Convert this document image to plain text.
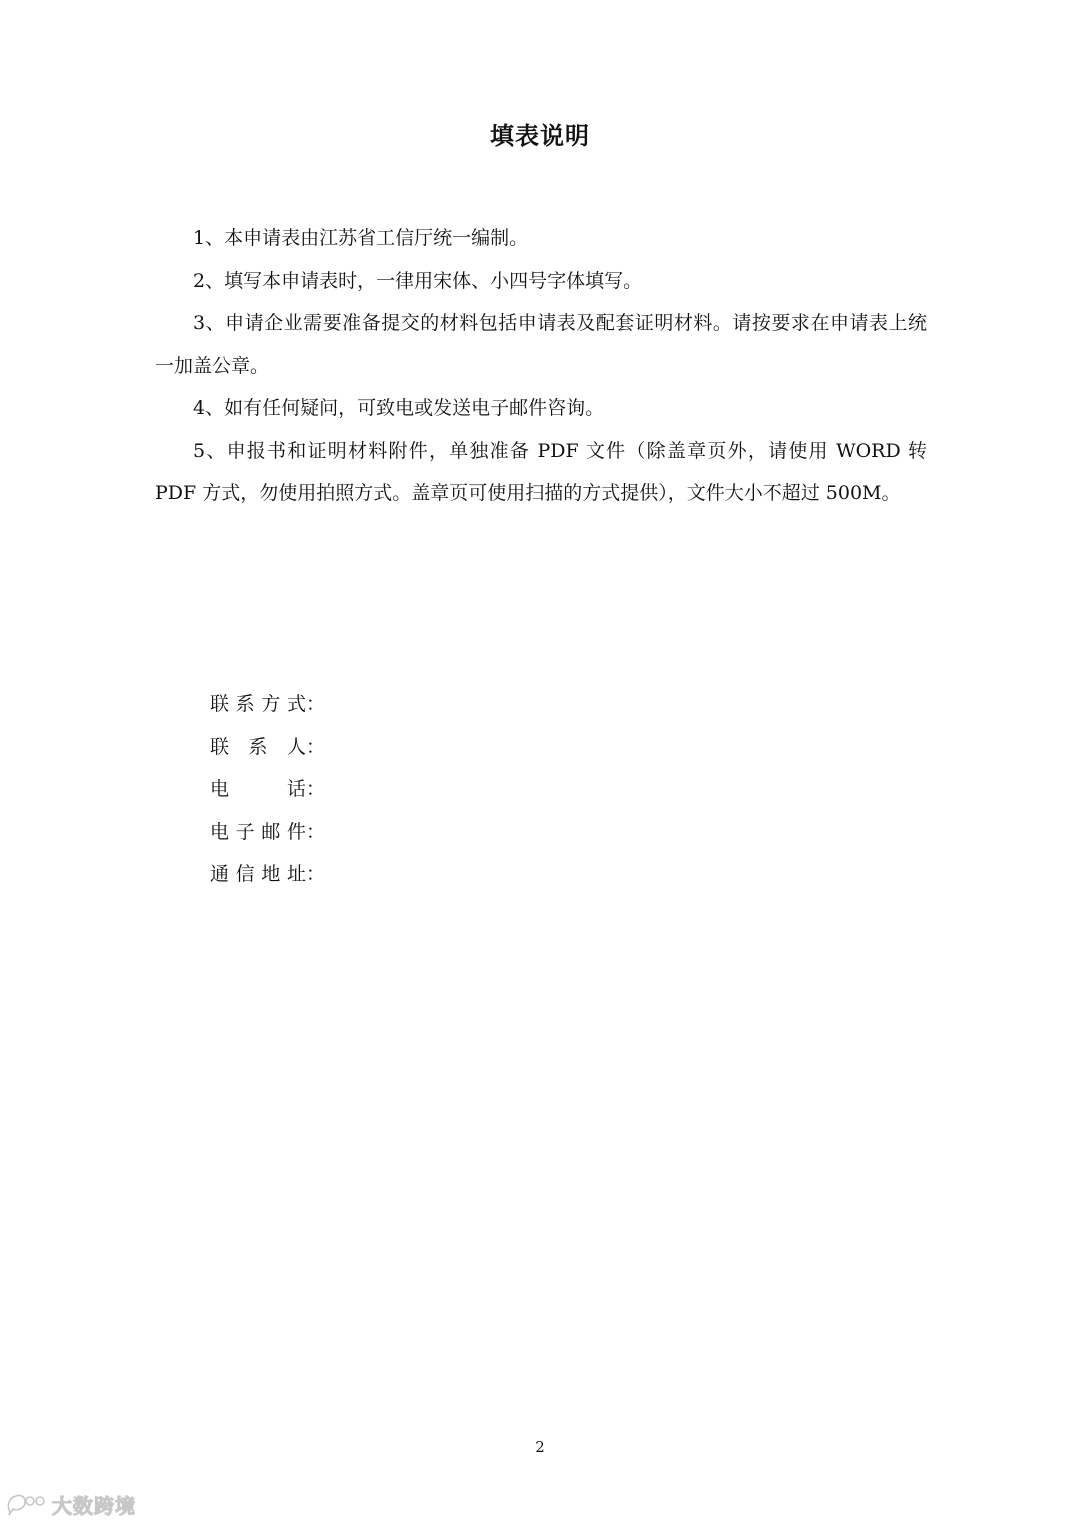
填表说明

1、本申请表由江苏省工信厅统一编制。

2、填写本申请表时，一律用宋体、小四号字体填写。

3、申请企业需要准备提交的材料包括申请表及配套证明材料。请按要求在申请表上统一加盖公章。

4、如有任何疑问，可致电或发送电子邮件咨询。

5、申报书和证明材料附件，单独准备 PDF 文件（除盖章页外，请使用 WORD 转 PDF 方式，勿使用拍照方式。盖章页可使用扫描的方式提供），文件大小不超过 500M。

联系方式 ：
联系人 ：
电话 ：
电子邮件 ：
通信地址 ：
2
大数跨境
